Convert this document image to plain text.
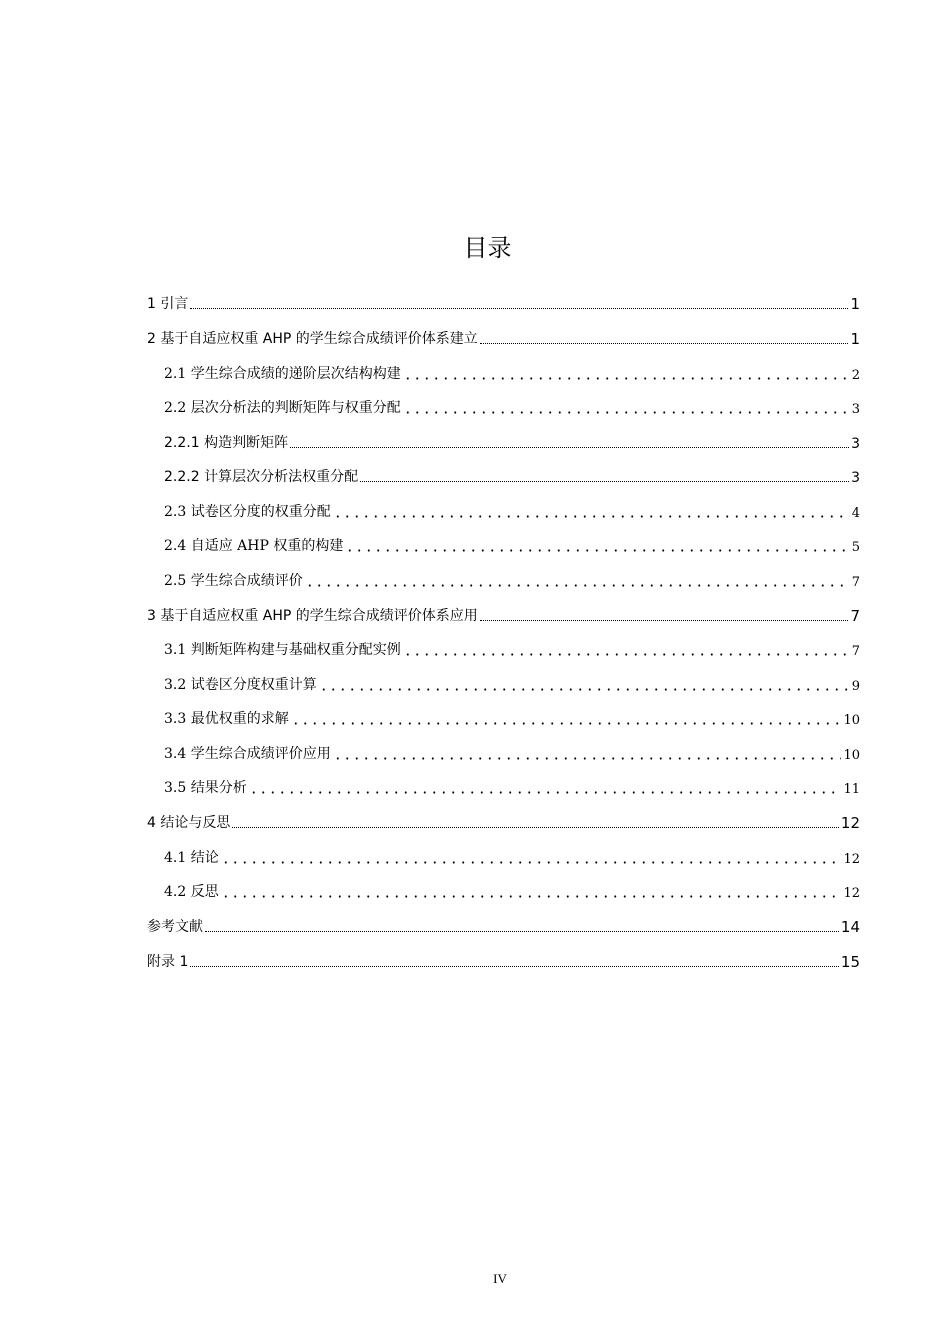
目录
1 引言	1
2 基于自适应权重 AHP 的学生综合成绩评价体系建立	1
2.1 学生综合成绩的递阶层次结构构建	2
2.2 层次分析法的判断矩阵与权重分配	3
2.2.1 构造判断矩阵	3
2.2.2 计算层次分析法权重分配	3
2.3 试卷区分度的权重分配	4
2.4 自适应 AHP 权重的构建	5
2.5 学生综合成绩评价	7
3 基于自适应权重 AHP 的学生综合成绩评价体系应用	7
3.1 判断矩阵构建与基础权重分配实例	7
3.2 试卷区分度权重计算	9
3.3 最优权重的求解	10
3.4 学生综合成绩评价应用	10
3.5 结果分析	11
4 结论与反思	12
4.1 结论	12
4.2 反思	12
参考文献	14
附录 1	15
IV
